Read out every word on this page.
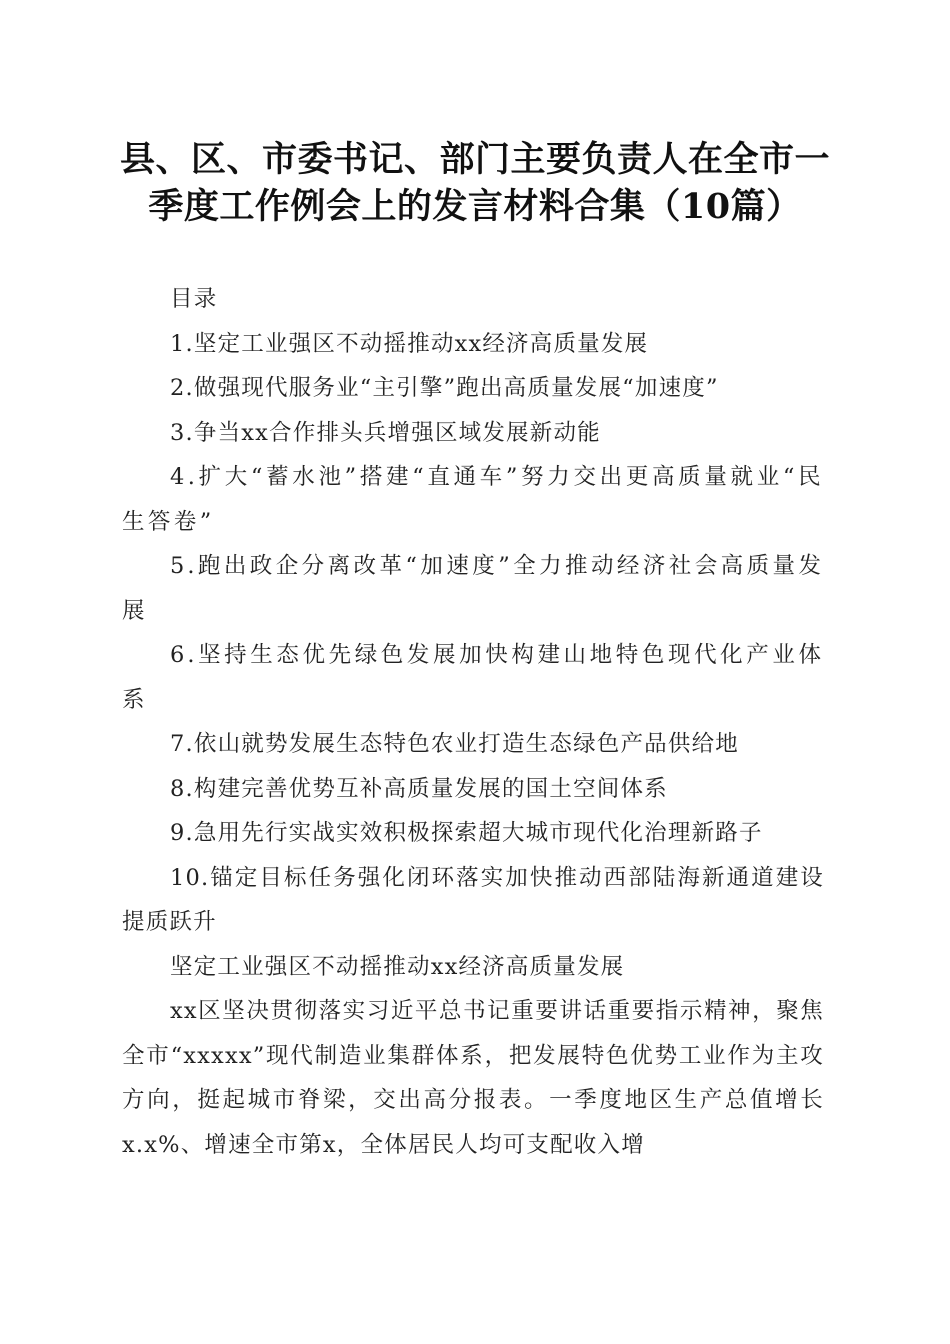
县、区、市委书记、部门主要负责人在全市一
季度工作例会上的发言材料合集（10篇）

目录

1.坚定工业强区不动摇推动xx经济高质量发展

2.做强现代服务业“主引擎”跑出高质量发展“加速度”

3.争当xx合作排头兵增强区域发展新动能

4.扩大“蓄水池”搭建“直通车”努力交出更高质量就业“民生答卷”

5.跑出政企分离改革“加速度”全力推动经济社会高质量发展

6.坚持生态优先绿色发展加快构建山地特色现代化产业体系

7.依山就势发展生态特色农业打造生态绿色产品供给地

8.构建完善优势互补高质量发展的国土空间体系

9.急用先行实战实效积极探索超大城市现代化治理新路子

10.锚定目标任务强化闭环落实加快推动西部陆海新通道建设提质跃升

坚定工业强区不动摇推动xx经济高质量发展

xx区坚决贯彻落实习近平总书记重要讲话重要指示精神，聚焦全市“xxxxx”现代制造业集群体系，把发展特色优势工业作为主攻方向，挺起城市脊梁，交出高分报表。一季度地区生产总值增长x.x%、增速全市第x，全体居民人均可支配收入增
